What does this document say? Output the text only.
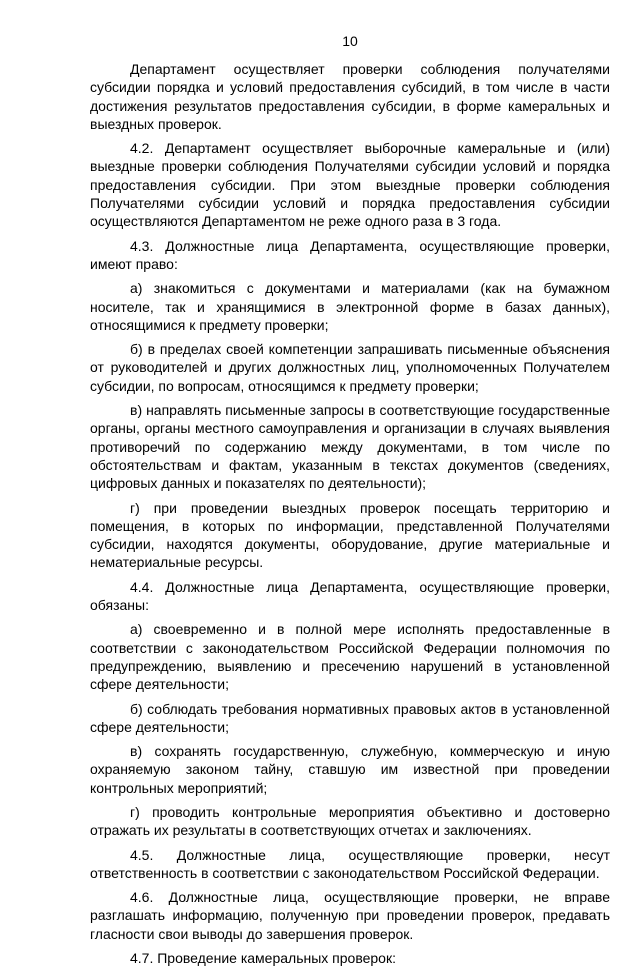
10

Департамент осуществляет проверки соблюдения получателями субсидии порядка и условий предоставления субсидий, в том числе в части достижения результатов предоставления субсидии, в форме камеральных и выездных проверок.

4.2. Департамент осуществляет выборочные камеральные и (или) выездные проверки соблюдения Получателями субсидии условий и порядка предоставления субсидии. При этом выездные проверки соблюдения Получателями субсидии условий и порядка предоставления субсидии осуществляются Департаментом не реже одного раза в 3 года.

4.3. Должностные лица Департамента, осуществляющие проверки, имеют право:

а) знакомиться с документами и материалами (как на бумажном носителе, так и хранящимися в электронной форме в базах данных), относящимися к предмету проверки;

б) в пределах своей компетенции запрашивать письменные объяснения от руководителей и других должностных лиц, уполномоченных Получателем субсидии, по вопросам, относящимся к предмету проверки;

в) направлять письменные запросы в соответствующие государственные органы, органы местного самоуправления и организации в случаях выявления противоречий по содержанию между документами, в том числе по обстоятельствам и фактам, указанным в текстах документов (сведениях, цифровых данных и показателях по деятельности);

г) при проведении выездных проверок посещать территорию и помещения, в которых по информации, представленной Получателями субсидии, находятся документы, оборудование, другие материальные и нематериальные ресурсы.

4.4. Должностные лица Департамента, осуществляющие проверки, обязаны:

а) своевременно и в полной мере исполнять предоставленные в соответствии с законодательством Российской Федерации полномочия по предупреждению, выявлению и пресечению нарушений в установленной сфере деятельности;

б) соблюдать требования нормативных правовых актов в установленной сфере деятельности;

в) сохранять государственную, служебную, коммерческую и иную охраняемую законом тайну, ставшую им известной при проведении контрольных мероприятий;

г) проводить контрольные мероприятия объективно и достоверно отражать их результаты в соответствующих отчетах и заключениях.

4.5. Должностные лица, осуществляющие проверки, несут ответственность в соответствии с законодательством Российской Федерации.

4.6. Должностные лица, осуществляющие проверки, не вправе разглашать информацию, полученную при проведении проверок, предавать гласности свои выводы до завершения проверок.

4.7. Проведение камеральных проверок:
